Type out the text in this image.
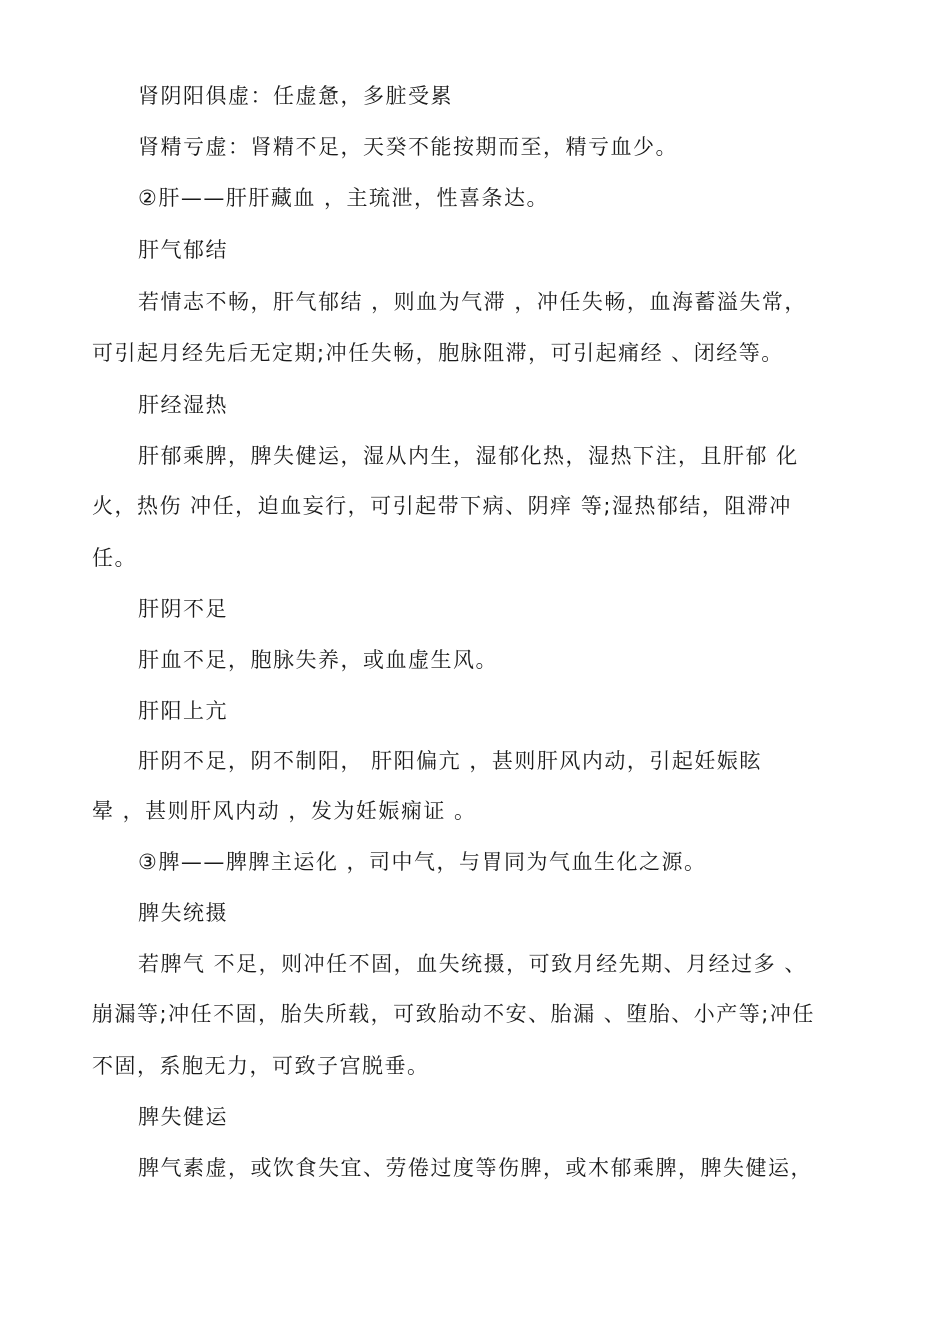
肾阴阳俱虚：任虚惫，多脏受累
肾精亏虚：肾精不足，天癸不能按期而至，精亏血少。
②肝——肝肝藏血 ，主琉泄，性喜条达。
肝气郁结
若情志不畅，肝气郁结 ，则血为气滞 ，冲任失畅，血海蓄溢失常，
可引起月经先后无定期;冲任失畅，胞脉阻滞，可引起痛经 、闭经等。
肝经湿热
肝郁乘脾，脾失健运，湿从内生，湿郁化热，湿热下注，且肝郁 化
火，热伤 冲任，迫血妄行，可引起带下病、阴痒 等;湿热郁结，阻滞冲
任。
肝阴不足
肝血不足，胞脉失养，或血虚生风。
肝阳上亢
肝阴不足，阴不制阳， 肝阳偏亢 ，甚则肝风内动，引起妊娠眩
晕 ，甚则肝风内动 ，发为妊娠痫证 。
③脾——脾脾主运化 ，司中气，与胃同为气血生化之源。
脾失统摄
若脾气 不足，则冲任不固，血失统摄，可致月经先期、月经过多 、
崩漏等;冲任不固，胎失所载，可致胎动不安、胎漏 、堕胎、小产等;冲任
不固，系胞无力，可致子宫脱垂。
脾失健运
脾气素虚，或饮食失宜、劳倦过度等伤脾，或木郁乘脾，脾失健运，
